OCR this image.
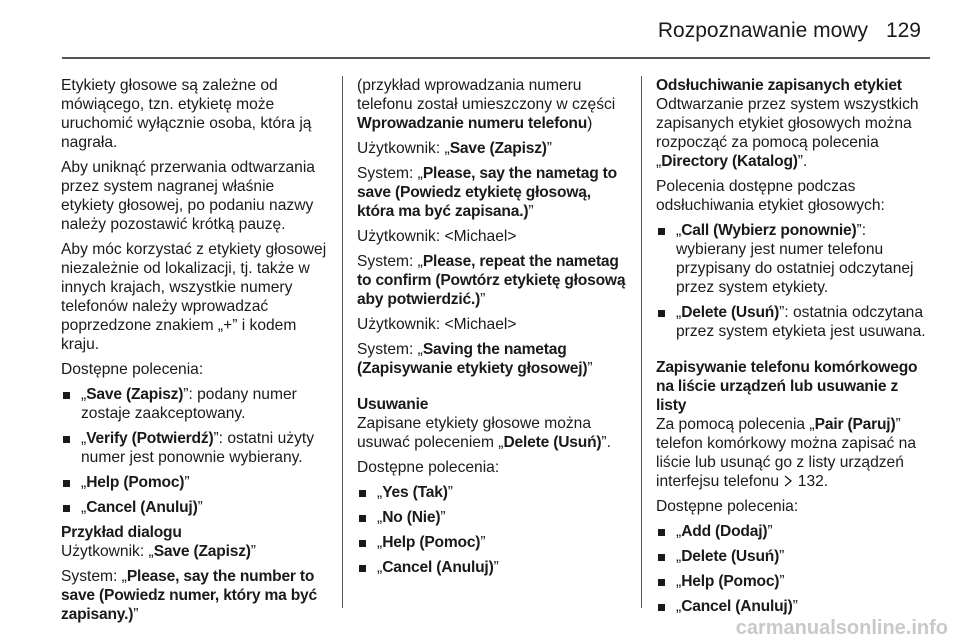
Rozpoznawanie mowy 129

Etykiety głosowe są zależne od mówiącego, tzn. etykietę może uruchomić wyłącznie osoba, która ją nagrała.

Aby uniknąć przerwania odtwarzania przez system nagranej właśnie etykiety głosowej, po podaniu nazwy należy pozostawić krótką pauzę.

Aby móc korzystać z etykiety głosowej niezależnie od lokalizacji, tj. także w innych krajach, wszystkie numery telefonów należy wprowadzać poprzedzone znakiem „+” i kodem kraju.

Dostępne polecenia:

„Save (Zapisz)”: podany numer zostaje zaakceptowany.
„Verify (Potwierdź)”: ostatni użyty numer jest ponownie wybierany.
„Help (Pomoc)”
„Cancel (Anuluj)”
Przykład dialogu

Użytkownik: „Save (Zapisz)”

System: „Please, say the number to save (Powiedz numer, który ma być zapisany.)”

(przykład wprowadzania numeru telefonu został umieszczony w części Wprowadzanie numeru telefonu)

Użytkownik: „Save (Zapisz)”

System: „Please, say the nametag to save (Powiedz etykietę głosową, która ma być zapisana.)”

Użytkownik: <Michael>

System: „Please, repeat the nametag to confirm (Powtórz etykietę głosową aby potwierdzić.)”

Użytkownik: <Michael>

System: „Saving the nametag (Zapisywanie etykiety głosowej)”

Usuwanie

Zapisane etykiety głosowe można usuwać poleceniem „Delete (Usuń)”.

Dostępne polecenia:

„Yes (Tak)”
„No (Nie)”
„Help (Pomoc)”
„Cancel (Anuluj)”
Odsłuchiwanie zapisanych etykiet

Odtwarzanie przez system wszystkich zapisanych etykiet głosowych można rozpocząć za pomocą polecenia „Directory (Katalog)”.

Polecenia dostępne podczas odsłuchiwania etykiet głosowych:

„Call (Wybierz ponownie)”: wybierany jest numer telefonu przypisany do ostatniej odczytanej przez system etykiety.
„Delete (Usuń)”: ostatnia odczytana przez system etykieta jest usuwana.
Zapisywanie telefonu komórkowego na liście urządzeń lub usuwanie z listy

Za pomocą polecenia „Pair (Paruj)” telefon komórkowy można zapisać na liście lub usunąć go z listy urządzeń interfejsu telefonu  132.

Dostępne polecenia:

„Add (Dodaj)”
„Delete (Usuń)”
„Help (Pomoc)”
„Cancel (Anuluj)”
carmanualsonline.info
